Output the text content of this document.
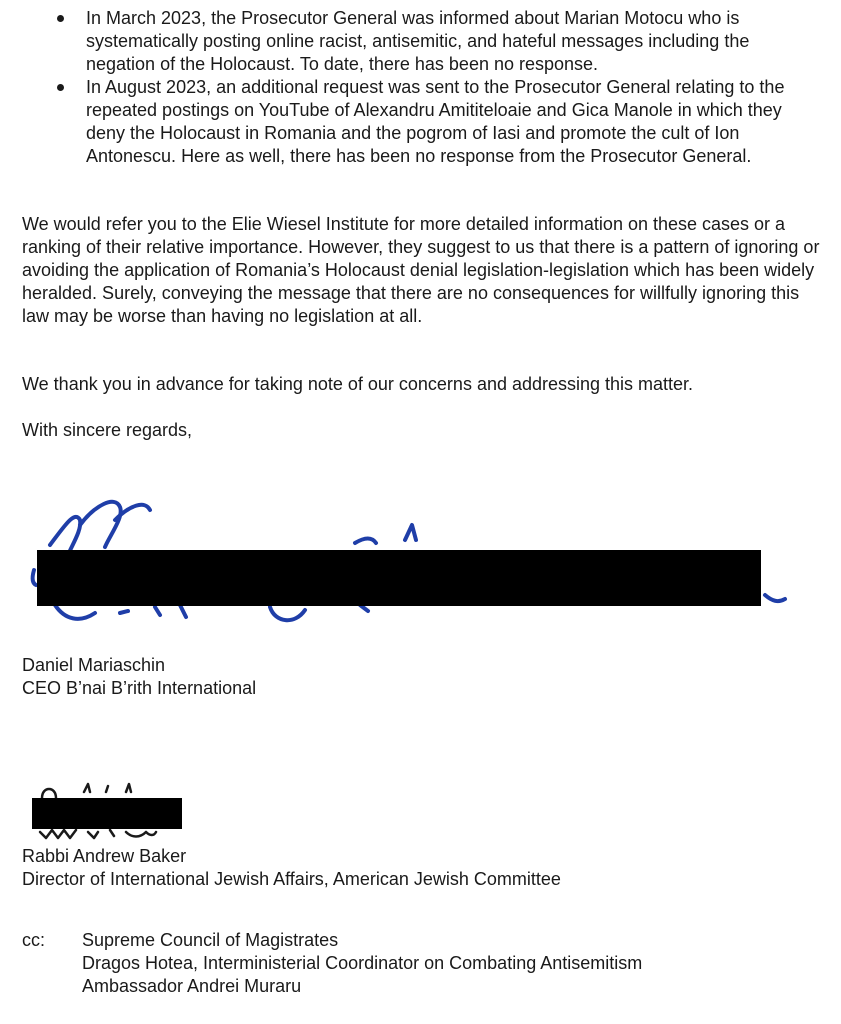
In March 2023, the Prosecutor General was informed about Marian Motocu who is systematically posting online racist, antisemitic, and hateful messages including the negation of the Holocaust. To date, there has been no response.
In August 2023, an additional request was sent to the Prosecutor General relating to the repeated postings on YouTube of Alexandru Amititeloaie and Gica Manole in which they deny the Holocaust in Romania and the pogrom of Iasi and promote the cult of Ion Antonescu. Here as well, there has been no response from the Prosecutor General.

We would refer you to the Elie Wiesel Institute for more detailed information on these cases or a ranking of their relative importance. However, they suggest to us that there is a pattern of ignoring or avoiding the application of Romania’s Holocaust denial legislation-legislation which has been widely heralded. Surely, conveying the message that there are no consequences for willfully ignoring this law may be worse than having no legislation at all.

We thank you in advance for taking note of our concerns and addressing this matter.

With sincere regards,

Daniel Mariaschin
CEO B’nai B’rith International
Rabbi Andrew Baker
Director of International Jewish Affairs, American Jewish Committee
cc: Supreme Council of Magistrates
Dragos Hotea, Interministerial Coordinator on Combating Antisemitism
Ambassador Andrei Muraru
